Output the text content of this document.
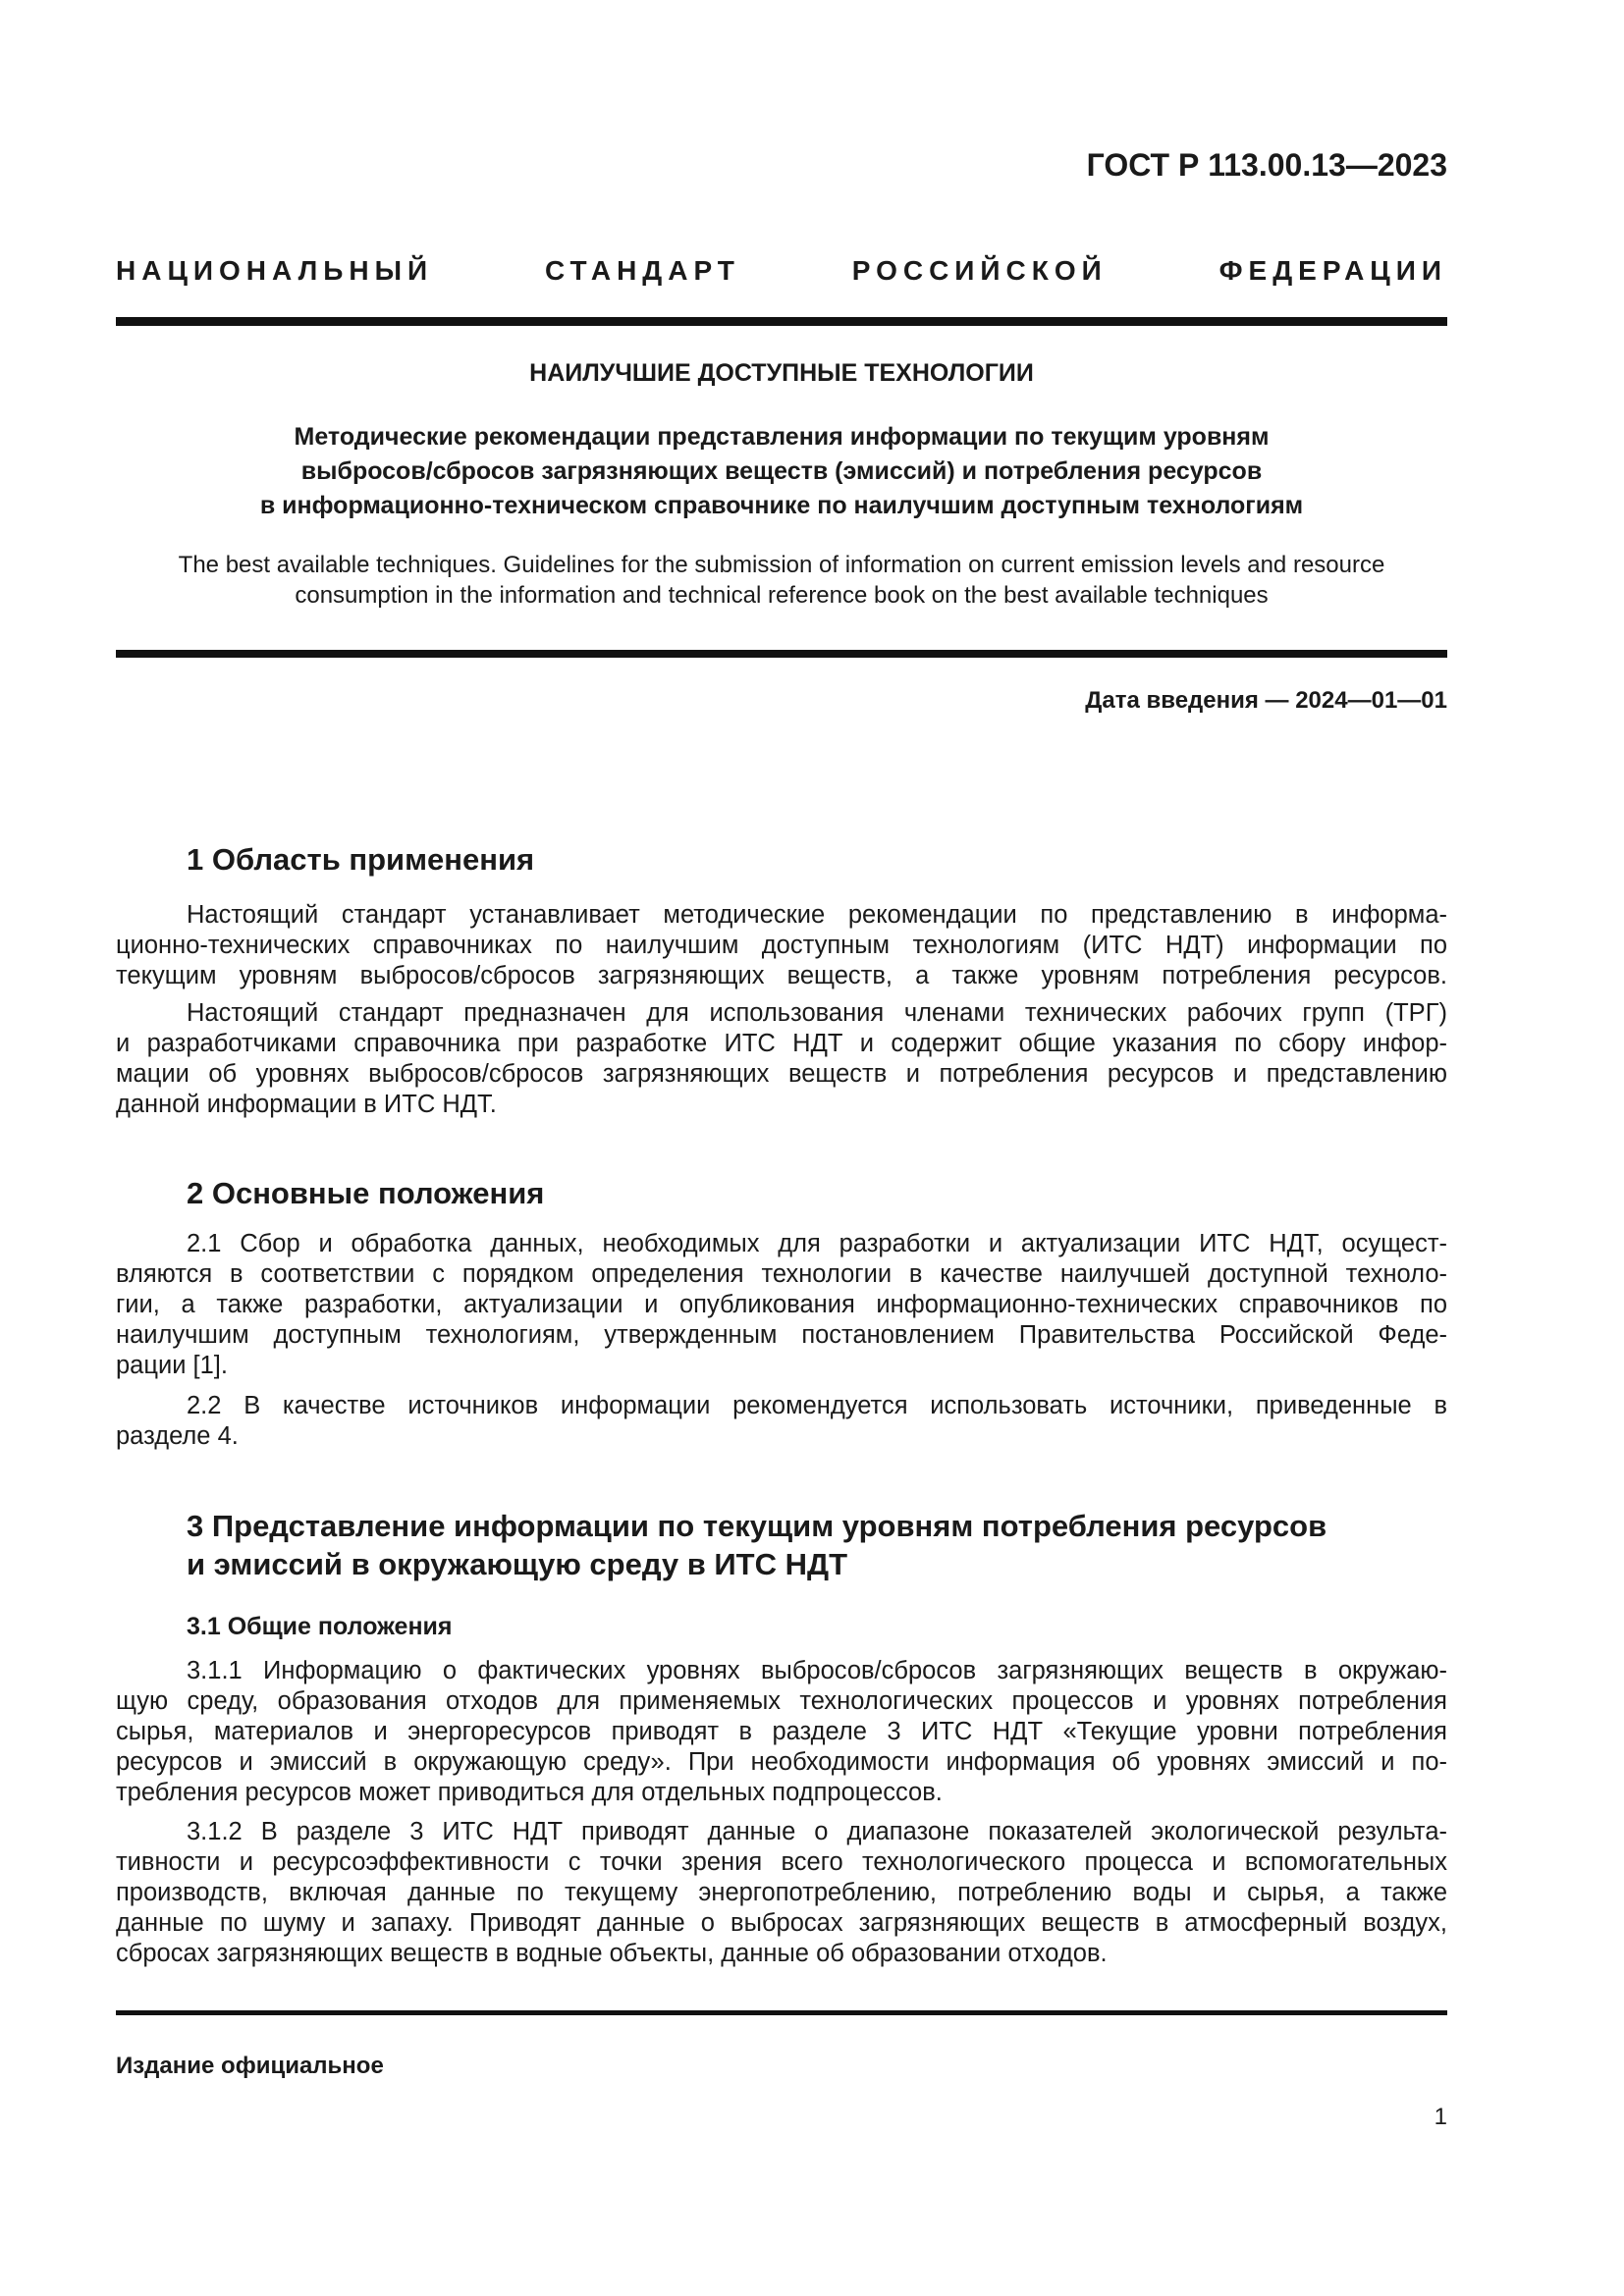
ГОСТ Р 113.00.13—2023
НАЦИОНАЛЬНЫЙ СТАНДАРТ РОССИЙСКОЙ ФЕДЕРАЦИИ
НАИЛУЧШИЕ ДОСТУПНЫЕ ТЕХНОЛОГИИ
Методические рекомендации представления информации по текущим уровням
выбросов/сбросов загрязняющих веществ (эмиссий) и потребления ресурсов
в информационно-техническом справочнике по наилучшим доступным технологиям
The best available techniques. Guidelines for the submission of information on current emission levels and resource
consumption in the information and technical reference book on the best available techniques
Дата введения — 2024—01—01
1 Область применения
Настоящий стандарт устанавливает методические рекомендации по представлению в информа-
ционно-технических справочниках по наилучшим доступным технологиям (ИТС НДТ) информации по
текущим уровням выбросов/сбросов загрязняющих веществ, а также уровням потребления ресурсов.
Настоящий стандарт предназначен для использования членами технических рабочих групп (ТРГ)
и разработчиками справочника при разработке ИТС НДТ и содержит общие указания по сбору инфор-
мации об уровнях выбросов/сбросов загрязняющих веществ и потребления ресурсов и представлению
данной информации в ИТС НДТ.
2 Основные положения
2.1 Сбор и обработка данных, необходимых для разработки и актуализации ИТС НДТ, осущест-
вляются в соответствии с порядком определения технологии в качестве наилучшей доступной техноло-
гии, а также разработки, актуализации и опубликования информационно-технических справочников по
наилучшим доступным технологиям, утвержденным постановлением Правительства Российской Феде-
рации [1].
2.2 В качестве источников информации рекомендуется использовать источники, приведенные в
разделе 4.
3 Представление информации по текущим уровням потребления ресурсов
и эмиссий в окружающую среду в ИТС НДТ
3.1 Общие положения
3.1.1 Информацию о фактических уровнях выбросов/сбросов загрязняющих веществ в окружаю-
щую среду, образования отходов для применяемых технологических процессов и уровнях потребления
сырья, материалов и энергоресурсов приводят в разделе 3 ИТС НДТ «Текущие уровни потребления
ресурсов и эмиссий в окружающую среду». При необходимости информация об уровнях эмиссий и по-
требления ресурсов может приводиться для отдельных подпроцессов.
3.1.2 В разделе 3 ИТС НДТ приводят данные о диапазоне показателей экологической результа-
тивности и ресурсоэффективности с точки зрения всего технологического процесса и вспомогательных
производств, включая данные по текущему энергопотреблению, потреблению воды и сырья, а также
данные по шуму и запаху. Приводят данные о выбросах загрязняющих веществ в атмосферный воздух,
сбросах загрязняющих веществ в водные объекты, данные об образовании отходов.
Издание официальное
1
